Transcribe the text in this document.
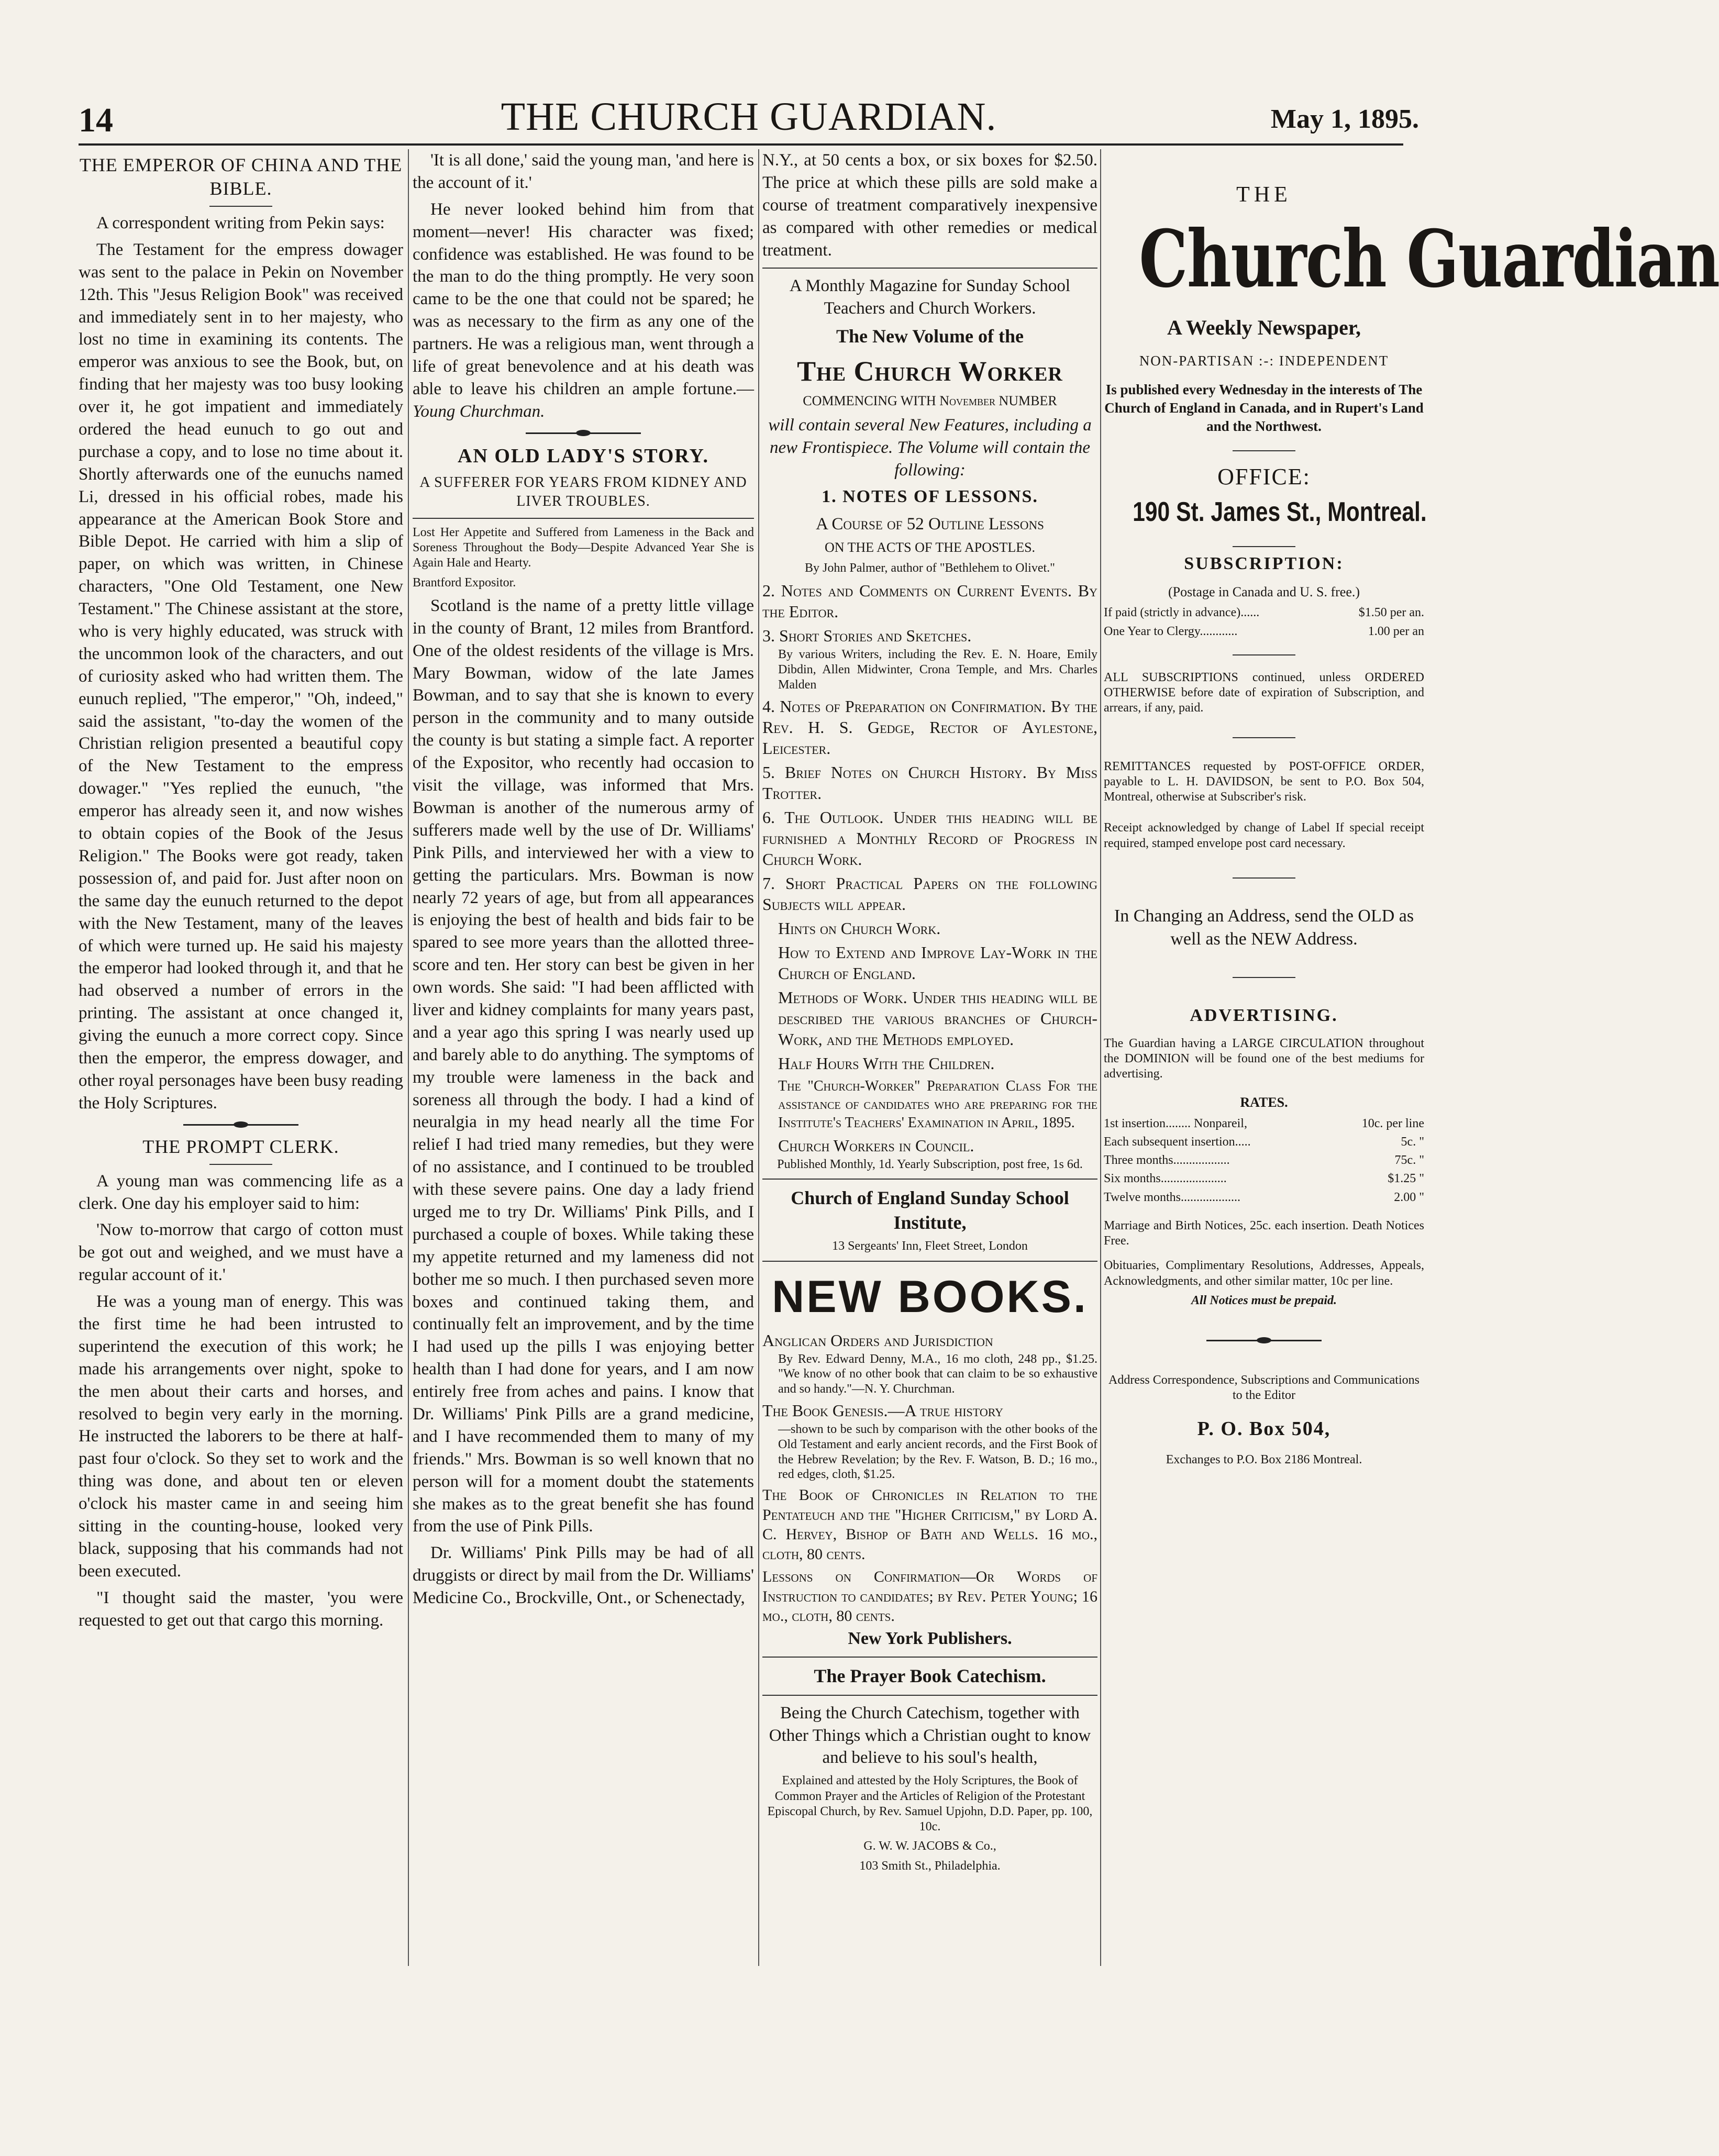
14	THE CHURCH GUARDIAN.	May 1, 1895.
THE EMPEROR OF CHINA AND THE BIBLE.

A correspondent writing from Pekin says:

The Testament for the empress dowager was sent to the palace in Pekin on November 12th. This "Jesus Religion Book" was received and immediately sent in to her majesty, who lost no time in examining its contents. The emperor was anxious to see the Book, but, on finding that her majesty was too busy looking over it, he got impatient and immediately ordered the head eunuch to go out and purchase a copy, and to lose no time about it. Shortly afterwards one of the eunuchs named Li, dressed in his official robes, made his appearance at the American Book Store and Bible Depot. He carried with him a slip of paper, on which was written, in Chinese characters, "One Old Testament, one New Testament." The Chinese assistant at the store, who is very highly educated, was struck with the uncommon look of the characters, and out of curiosity asked who had written them. The eunuch replied, "The emperor," "Oh, indeed," said the assistant, "to-day the women of the Christian religion presented a beautiful copy of the New Testament to the empress dowager." "Yes replied the eunuch, "the emperor has already seen it, and now wishes to obtain copies of the Book of the Jesus Religion." The Books were got ready, taken possession of, and paid for. Just after noon on the same day the eunuch returned to the depot with the New Testament, many of the leaves of which were turned up. He said his majesty the emperor had looked through it, and that he had observed a number of errors in the printing. The assistant at once changed it, giving the eunuch a more correct copy. Since then the emperor, the empress dowager, and other royal personages have been busy reading the Holy Scriptures.

THE PROMPT CLERK.

A young man was commencing life as a clerk. One day his employer said to him:

'Now to-morrow that cargo of cotton must be got out and weighed, and we must have a regular account of it.'

He was a young man of energy. This was the first time he had been intrusted to superintend the execution of this work; he made his arrangements over night, spoke to the men about their carts and horses, and resolved to begin very early in the morning. He instructed the laborers to be there at half-past four o'clock. So they set to work and the thing was done, and about ten or eleven o'clock his master came in and seeing him sitting in the counting-house, looked very black, supposing that his commands had not been executed.

"I thought said the master, 'you were requested to get out that cargo this morning.

'It is all done,' said the young man, 'and here is the account of it.'

He never looked behind him from that moment—never! His character was fixed; confidence was established. He was found to be the man to do the thing promptly. He very soon came to be the one that could not be spared; he was as necessary to the firm as any one of the partners. He was a religious man, went through a life of great benevolence and at his death was able to leave his children an ample fortune.— Young Churchman.

AN OLD LADY'S STORY.
A SUFFERER FOR YEARS FROM KIDNEY AND LIVER TROUBLES.

Lost Her Appetite and Suffered from Lameness in the Back and Soreness Throughout the Body—Despite Advanced Year She is Again Hale and Hearty.

Brantford Expositor.

Scotland is the name of a pretty little village in the county of Brant, 12 miles from Brantford. One of the oldest residents of the village is Mrs. Mary Bowman, widow of the late James Bowman, and to say that she is known to every person in the community and to many outside the county is but stating a simple fact. A reporter of the Expositor, who recently had occasion to visit the village, was informed that Mrs. Bowman is another of the numerous army of sufferers made well by the use of Dr. Williams' Pink Pills, and interviewed her with a view to getting the particulars. Mrs. Bowman is now nearly 72 years of age, but from all appearances is enjoying the best of health and bids fair to be spared to see more years than the allotted three-score and ten. Her story can best be given in her own words. She said: "I had been afflicted with liver and kidney complaints for many years past, and a year ago this spring I was nearly used up and barely able to do anything. The symptoms of my trouble were lameness in the back and soreness all through the body. I had a kind of neuralgia in my head nearly all the time For relief I had tried many remedies, but they were of no assistance, and I continued to be troubled with these severe pains. One day a lady friend urged me to try Dr. Williams' Pink Pills, and I purchased a couple of boxes. While taking these my appetite returned and my lameness did not bother me so much. I then purchased seven more boxes and continued taking them, and continually felt an improvement, and by the time I had used up the pills I was enjoying better health than I had done for years, and I am now entirely free from aches and pains. I know that Dr. Williams' Pink Pills are a grand medicine, and I have recommended them to many of my friends." Mrs. Bowman is so well known that no person will for a moment doubt the statements she makes as to the great benefit she has found from the use of Pink Pills.

Dr. Williams' Pink Pills may be had of all druggists or direct by mail from the Dr. Williams' Medicine Co., Brockville, Ont., or Schenectady,

N.Y., at 50 cents a box, or six boxes for $2.50. The price at which these pills are sold make a course of treatment comparatively inexpensive as compared with other remedies or medical treatment.

A Monthly Magazine for Sunday School Teachers and Church Workers.

The New Volume of the

The Church Worker

COMMENCING WITH November NUMBER

will contain several New Features, including a new Frontispiece. The Volume will contain the following:

1. NOTES OF LESSONS.

A Course of 52 Outline Lessons

ON THE ACTS OF THE APOSTLES.

By John Palmer, author of "Bethlehem to Olivet."

2. Notes and Comments on Current Events. By the Editor.
3. Short Stories and Sketches.
By various Writers, including the Rev. E. N. Hoare, Emily Dibdin, Allen Midwinter, Crona Temple, and Mrs. Charles Malden
4. Notes of Preparation on Confirmation. By the Rev. H. S. Gedge, Rector of Aylestone, Leicester.
5. Brief Notes on Church History. By Miss Trotter.
6. The Outlook. Under this heading will be furnished a Monthly Record of Progress in Church Work.
7. Short Practical Papers on the following Subjects will appear.
Hints on Church Work.
How to Extend and Improve Lay-Work in the Church of England.
Methods of Work. Under this heading will be described the various branches of Church-Work, and the Methods employed.
Half Hours With the Children.
The "Church-Worker" Preparation Class For the assistance of candidates who are preparing for the Institute's Teachers' Examination in April, 1895.
Church Workers in Council.

Published Monthly, 1d. Yearly Subscription, post free, 1s 6d.

Church of England Sunday School Institute,

13 Sergeants' Inn, Fleet Street, London

NEW BOOKS.
Anglican Orders and Jurisdiction
By Rev. Edward Denny, M.A., 16 mo cloth, 248 pp., $1.25. "We know of no other book that can claim to be so exhaustive and so handy."—N. Y. Churchman.
The Book Genesis.—A true history
—shown to be such by comparison with the other books of the Old Testament and early ancient records, and the First Book of the Hebrew Revelation; by the Rev. F. Watson, B. D.; 16 mo., red edges, cloth, $1.25.
The Book of Chronicles in Relation to the Pentateuch and the "Higher Criticism," by Lord A. C. Hervey, Bishop of Bath and Wells. 16 mo., cloth, 80 cents.
Lessons on Confirmation—Or Words of Instruction to candidates; by Rev. Peter Young; 16 mo., cloth, 80 cents.

New York Publishers.

The Prayer Book Catechism.

Being the Church Catechism, together with Other Things which a Christian ought to know and believe to his soul's health,

Explained and attested by the Holy Scriptures, the Book of Common Prayer and the Articles of Religion of the Protestant Episcopal Church, by Rev. Samuel Upjohn, D.D. Paper, pp. 100, 10c.

G. W. W. JACOBS & Co.,

103 Smith St., Philadelphia.

THE
Church Guardian
A Weekly Newspaper,
NON-PARTISAN :-: INDEPENDENT
Is published every Wednesday in the interests of The Church of England in Canada, and in Rupert's Land and the Northwest.
OFFICE:
190 St. James St., Montreal.
SUBSCRIPTION:

(Postage in Canada and U. S. free.)

If paid (strictly in advance)......	$1.50 per an.
One Year to Clergy............	1.00 per an

ALL SUBSCRIPTIONS continued, unless ORDERED OTHERWISE before date of expiration of Subscription, and arrears, if any, paid.

REMITTANCES requested by POST-OFFICE ORDER, payable to L. H. DAVIDSON, be sent to P.O. Box 504, Montreal, otherwise at Subscriber's risk.

Receipt acknowledged by change of Label If special receipt required, stamped envelope post card necessary.

In Changing an Address, send the OLD as well as the NEW Address.

ADVERTISING.

The Guardian having a LARGE CIRCULATION throughout the DOMINION will be found one of the best mediums for advertising.

RATES.

1st insertion........ Nonpareil,	10c. per line
Each subsequent insertion.....	5c. "
Three months..................	75c. "
Six months.....................	$1.25 "
Twelve months...................	2.00 "

Marriage and Birth Notices, 25c. each insertion. Death Notices Free.

Obituaries, Complimentary Resolutions, Addresses, Appeals, Acknowledgments, and other similar matter, 10c per line.

All Notices must be prepaid.

Address Correspondence, Subscriptions and Communications to the Editor

P. O. Box 504,

Exchanges to P.O. Box 2186 Montreal.
